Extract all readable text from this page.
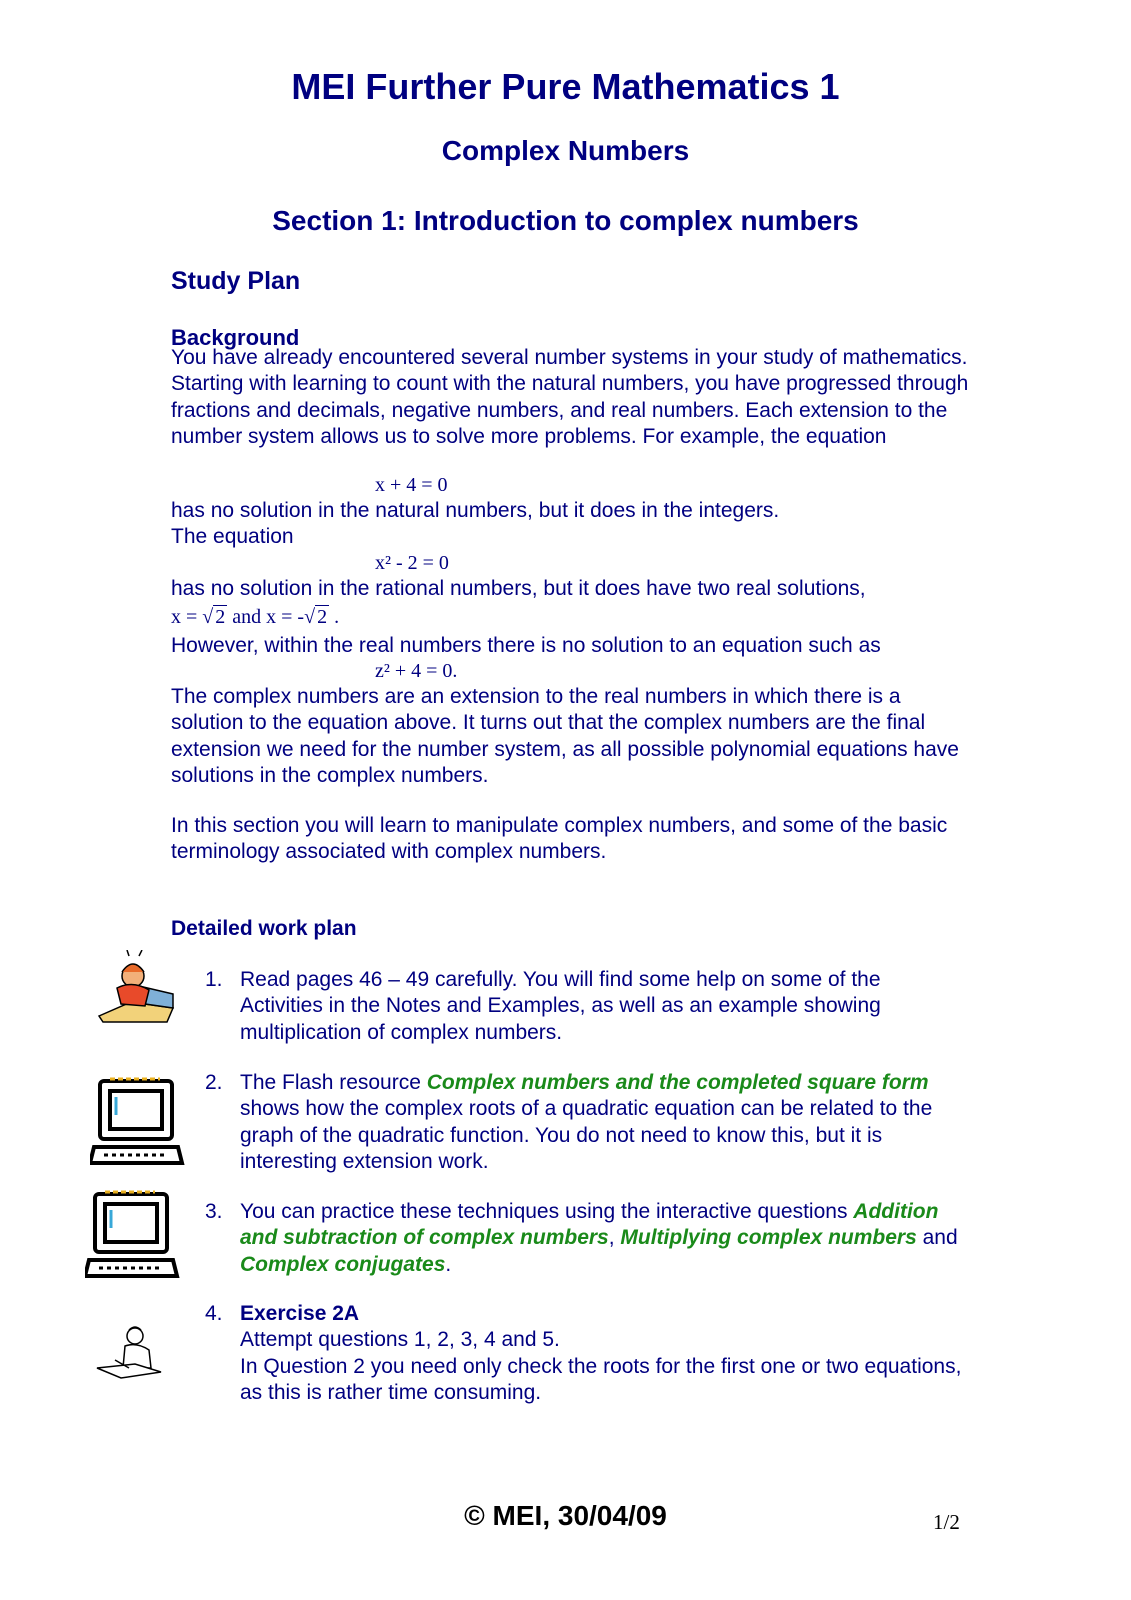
MEI Further Pure Mathematics 1
Complex Numbers
Section 1: Introduction to complex numbers
Study Plan
Background
You have already encountered several number systems in your study of mathematics. Starting with learning to count with the natural numbers, you have progressed through fractions and decimals, negative numbers, and real numbers. Each extension to the number system allows us to solve more problems. For example, the equation
x + 4 = 0
has no solution in the natural numbers, but it does in the integers.
The equation
x² - 2 = 0
has no solution in the rational numbers, but it does have two real solutions,
x = √ 2 and x = -√ 2 .
However, within the real numbers there is no solution to an equation such as
z² + 4 = 0.
The complex numbers are an extension to the real numbers in which there is a solution to the equation above. It turns out that the complex numbers are the final extension we need for the number system, as all possible polynomial equations have solutions in the complex numbers.
In this section you will learn to manipulate complex numbers, and some of the basic terminology associated with complex numbers.
Detailed work plan
1. Read pages 46 – 49 carefully. You will find some help on some of the Activities in the Notes and Examples, as well as an example showing multiplication of complex numbers.
2. The Flash resource Complex numbers and the completed square form shows how the complex roots of a quadratic equation can be related to the graph of the quadratic function. You do not need to know this, but it is interesting extension work.
3. You can practice these techniques using the interactive questions Addition and subtraction of complex numbers, Multiplying complex numbers and Complex conjugates.
4. Exercise 2A
Attempt questions 1, 2, 3, 4 and 5.
In Question 2 you need only check the roots for the first one or two equations, as this is rather time consuming.
© MEI, 30/04/09	1/2
